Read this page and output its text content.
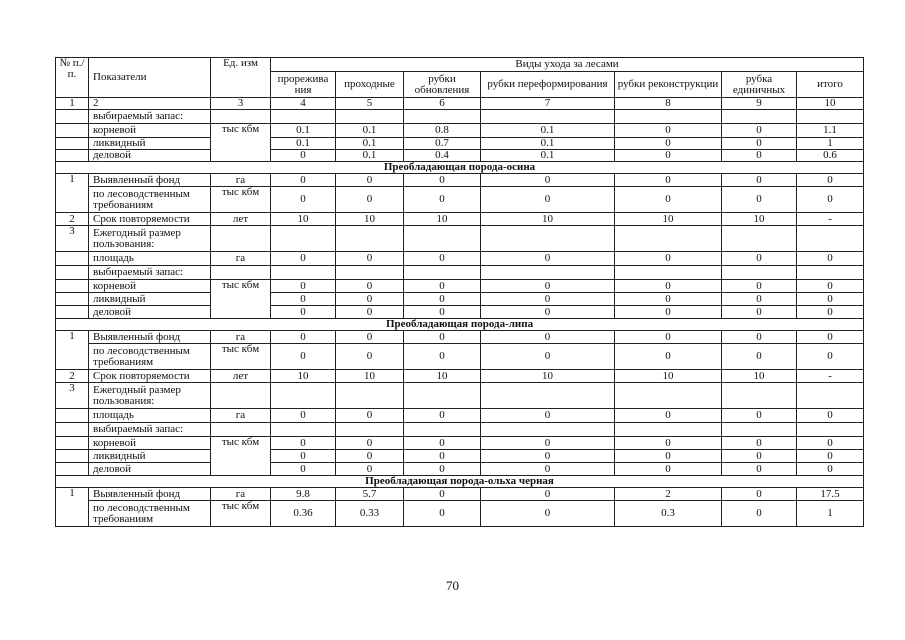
№ п./п.	Показатели	Ед. изм	Виды ухода за лесами						
			прорежива ния	проходные	рубки обновления	рубки переформирования	рубки реконструкции	рубка единичных	итого
1	2	3	4	5	6	7	8	9	10
	выбираемый запас:								
	корневой	тыс кбм	0.1	0.1	0.8	0.1	0	0	1.1
	ликвидный		0.1	0.1	0.7	0.1	0	0	1
	деловой		0	0.1	0.4	0.1	0	0	0.6
Преобладающая порода-осина									
1	Выявленный фонд	га	0	0	0	0	0	0	0
	по лесоводственным требованиям	тыс кбм	0	0	0	0	0	0	0
2	Срок повторяемости	лет	10	10	10	10	10	10	-
3	Ежегодный размер пользования:								
	площадь	га	0	0	0	0	0	0	0
	выбираемый запас:								
	корневой	тыс кбм	0	0	0	0	0	0	0
	ликвидный		0	0	0	0	0	0	0
	деловой		0	0	0	0	0	0	0
Преобладающая порода-липа									
1	Выявленный фонд	га	0	0	0	0	0	0	0
	по лесоводственным требованиям	тыс кбм	0	0	0	0	0	0	0
2	Срок повторяемости	лет	10	10	10	10	10	10	-
3	Ежегодный размер пользования:								
	площадь	га	0	0	0	0	0	0	0
	выбираемый запас:								
	корневой	тыс кбм	0	0	0	0	0	0	0
	ликвидный		0	0	0	0	0	0	0
	деловой		0	0	0	0	0	0	0
Преобладающая порода-ольха черная									
1	Выявленный фонд	га	9.8	5.7	0	0	2	0	17.5
	по лесоводственным требованиям	тыс кбм	0.36	0.33	0	0	0.3	0	1
70
